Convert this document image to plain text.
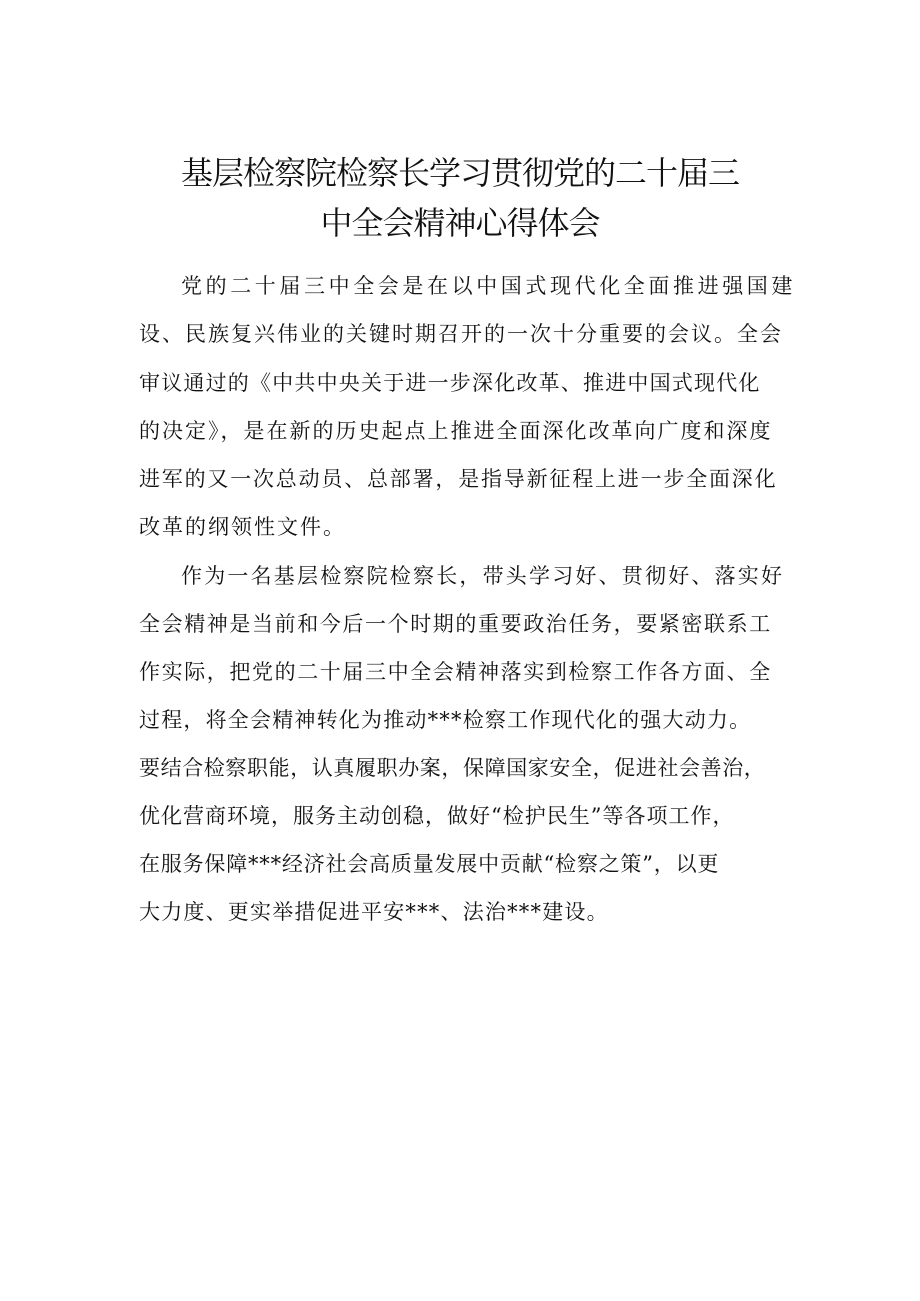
基层检察院检察长学习贯彻党的二十届三
中全会精神心得体会
党的二十届三中全会是在以中国式现代化全面推进强国建
设、民族复兴伟业的关键时期召开的一次十分重要的会议。全会
审议通过的《中共中央关于进一步深化改革、推进中国式现代化
的决定》，是在新的历史起点上推进全面深化改革向广度和深度
进军的又一次总动员、总部署，是指导新征程上进一步全面深化
改革的纲领性文件。
作为一名基层检察院检察长，带头学习好、贯彻好、落实好
全会精神是当前和今后一个时期的重要政治任务，要紧密联系工
作实际，把党的二十届三中全会精神落实到检察工作各方面、全
过程，将全会精神转化为推动***检察工作现代化的强大动力。
要结合检察职能，认真履职办案，保障国家安全，促进社会善治，
优化营商环境，服务主动创稳，做好“检护民生”等各项工作，
在服务保障***经济社会高质量发展中贡献“检察之策”，以更
大力度、更实举措促进平安***、法治***建设。
